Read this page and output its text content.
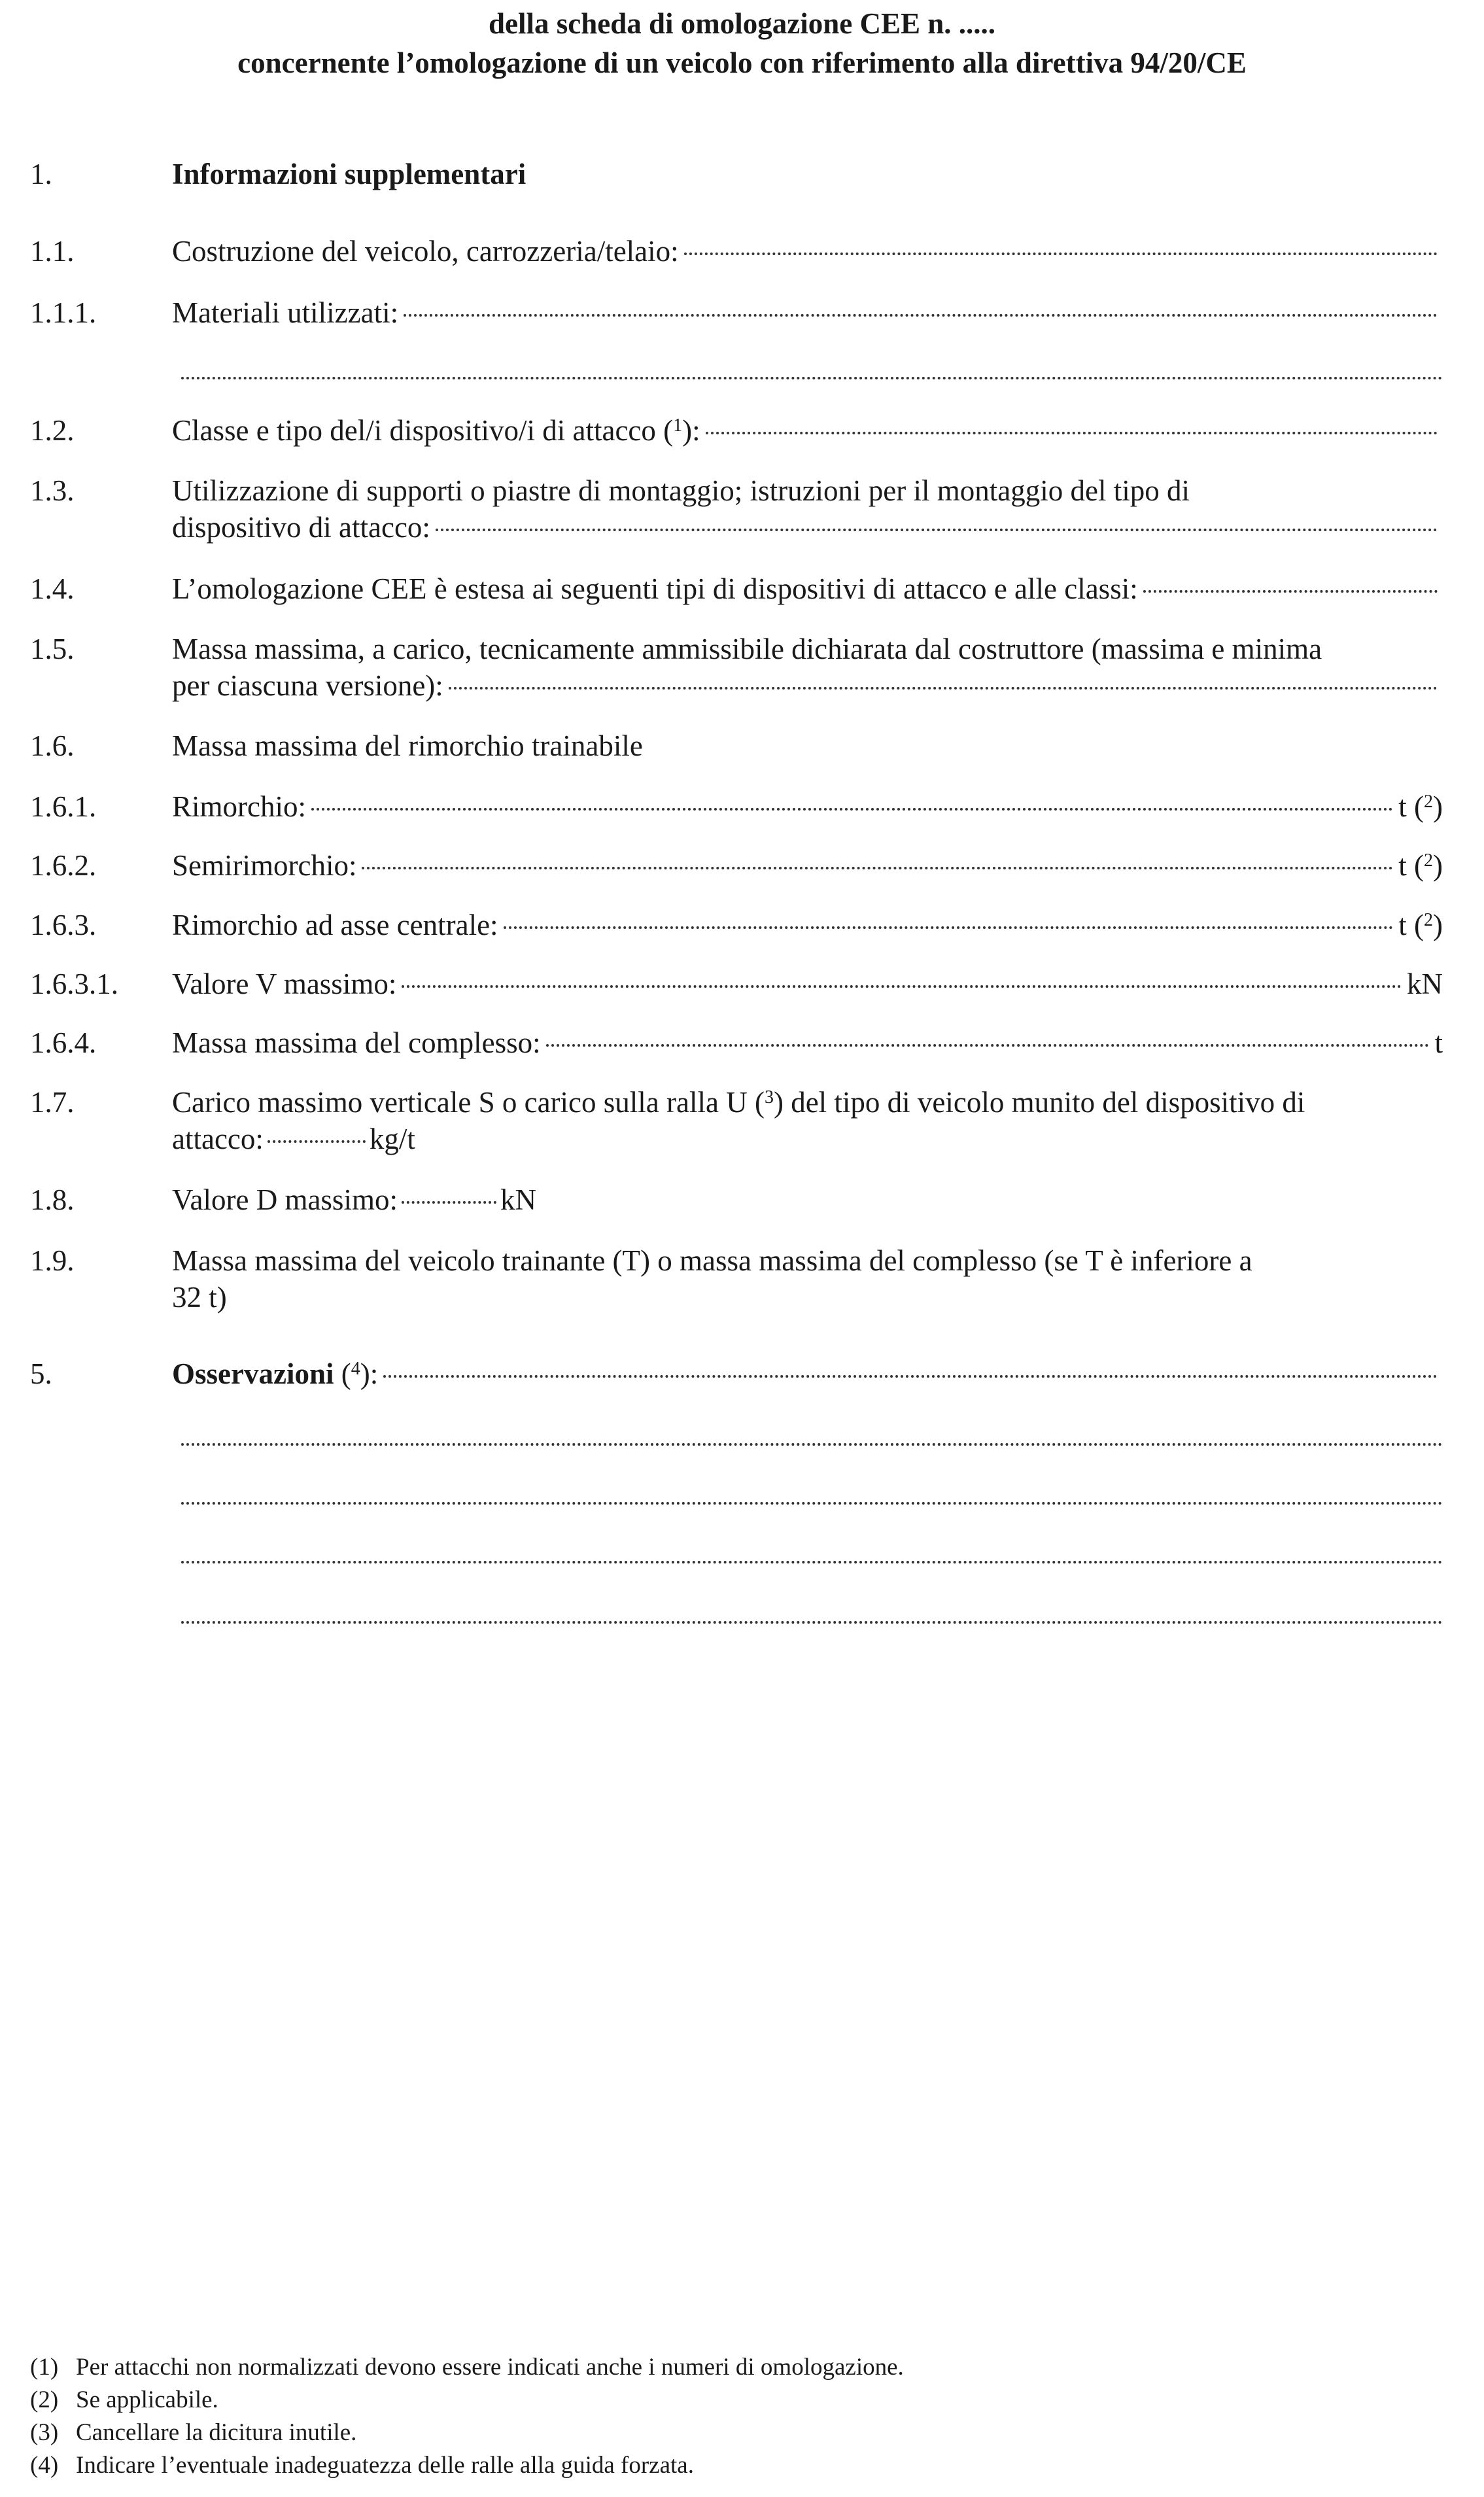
della scheda di omologazione CEE n. .....
concernente l’omologazione di un veicolo con riferimento alla direttiva 94/20/CE
1.	Informazioni supplementari
1.1.	Costruzione del veicolo, carrozzeria/telaio:
1.1.1.	Materiali utilizzati:
1.2.	Classe e tipo del/i dispositivo/i di attacco ($^1$):
1.3.	Utilizzazione di supporti o piastre di montaggio; istruzioni per il montaggio del tipo di
dispositivo di attacco:
1.4.	L’omologazione CEE è estesa ai seguenti tipi di dispositivi di attacco e alle classi:
1.5.	Massa massima, a carico, tecnicamente ammissibile dichiarata dal costruttore (massima e minima
per ciascuna versione):
1.6.	Massa massima del rimorchio trainabile
1.6.1.	Rimorchio:	t ($^2$)
1.6.2.	Semirimorchio:	t ($^2$)
1.6.3.	Rimorchio ad asse centrale:	t ($^2$)
1.6.3.1. Valore V massimo:	kN
1.6.4.	Massa massima del complesso:	t
1.7.	Carico massimo verticale S o carico sulla ralla U ($^3$) del tipo di veicolo munito del dispositivo di
attacco:	kg/t
1.8.	Valore D massimo:	kN
1.9.	Massa massima del veicolo trainante (T) o massa massima del complesso (se T è inferiore a
32 t)
5.	Osservazioni ($^4$):
(1) Per attacchi non normalizzati devono essere indicati anche i numeri di omologazione.
(2) Se applicabile.
(3) Cancellare la dicitura inutile.
(4) Indicare l’eventuale inadeguatezza delle ralle alla guida forzata.
